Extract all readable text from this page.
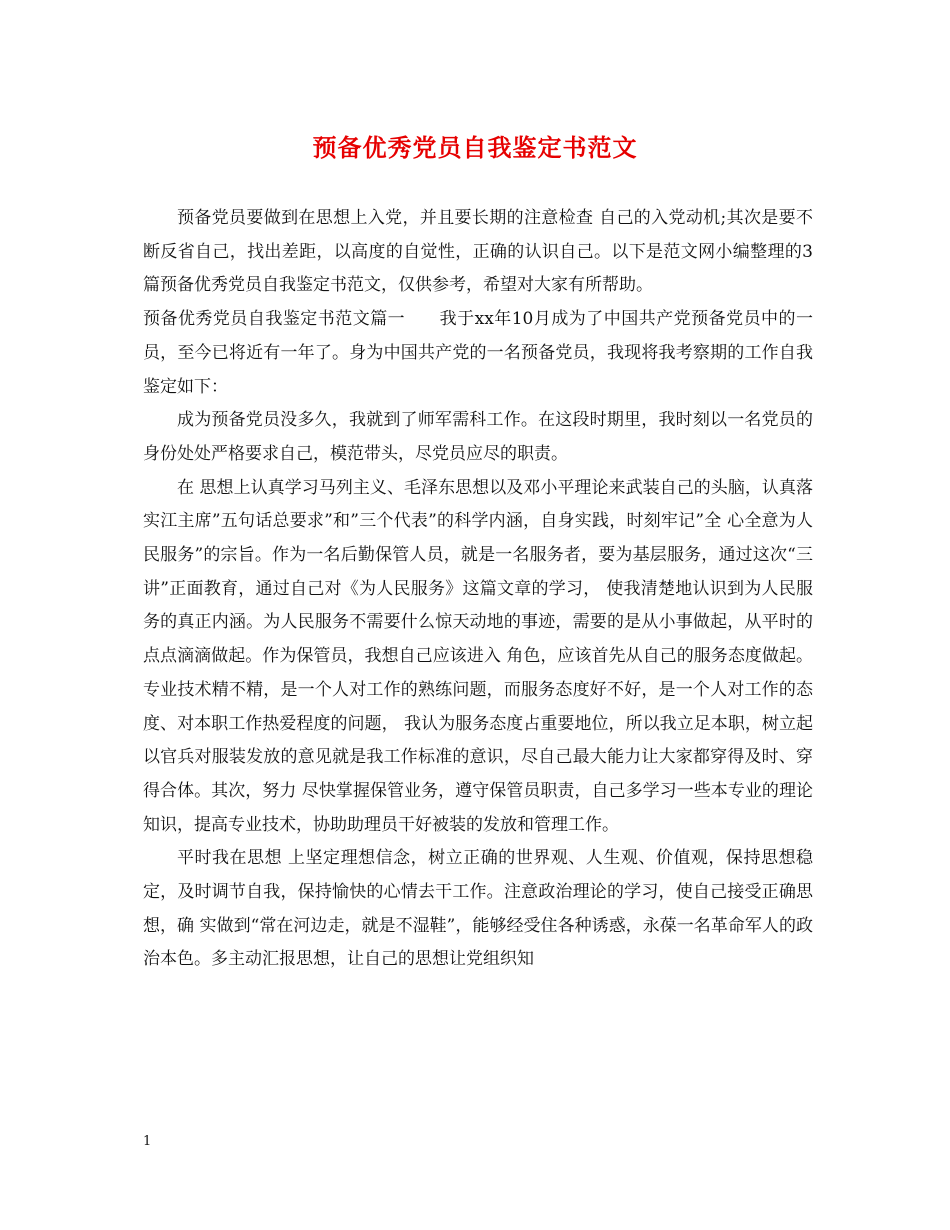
预备优秀党员自我鉴定书范文

预备党员要做到在思想上入党，并且要长期的注意检查 自己的入党动机;其次是要不断反省自己，找出差距，以高度的自觉性，正确的认识自己。以下是范文网小编整理的3篇预备优秀党员自我鉴定书范文，仅供参考，希望对大家有所帮助。

预备优秀党员自我鉴定书范文篇一 我于xx年10月成为了中国共产党预备党员中的一员，至今已将近有一年了。身为中国共产党的一名预备党员，我现将我考察期的工作自我鉴定如下：

成为预备党员没多久，我就到了师军需科工作。在这段时期里，我时刻以一名党员的身份处处严格要求自己，模范带头，尽党员应尽的职责。

在 思想上认真学习马列主义、毛泽东思想以及邓小平理论来武装自己的头脑，认真落实江主席”五句话总要求”和”三个代表”的科学内涵，自身实践，时刻牢记”全 心全意为人民服务”的宗旨。作为一名后勤保管人员，就是一名服务者，要为基层服务，通过这次“三讲”正面教育，通过自己对《为人民服务》这篇文章的学习， 使我清楚地认识到为人民服务的真正内涵。为人民服务不需要什么惊天动地的事迹，需要的是从小事做起，从平时的点点滴滴做起。作为保管员，我想自己应该进入 角色，应该首先从自己的服务态度做起。专业技术精不精，是一个人对工作的熟练问题，而服务态度好不好，是一个人对工作的态度、对本职工作热爱程度的问题， 我认为服务态度占重要地位，所以我立足本职，树立起以官兵对服装发放的意见就是我工作标准的意识，尽自己最大能力让大家都穿得及时、穿得合体。其次，努力 尽快掌握保管业务，遵守保管员职责，自己多学习一些本专业的理论知识，提高专业技术，协助助理员干好被装的发放和管理工作。

平时我在思想 上坚定理想信念，树立正确的世界观、人生观、价值观，保持思想稳定，及时调节自我，保持愉快的心情去干工作。注意政治理论的学习，使自己接受正确思想，确 实做到“常在河边走，就是不湿鞋”，能够经受住各种诱惑，永葆一名革命军人的政治本色。多主动汇报思想，让自己的思想让党组织知

1
